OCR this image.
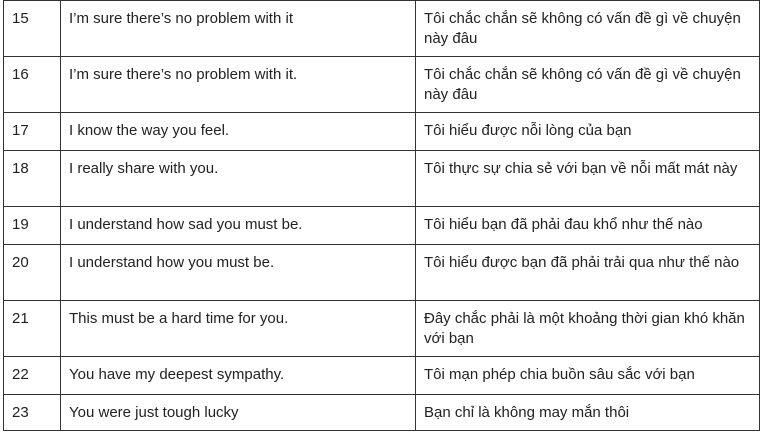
15	I’m sure there’s no problem with it	Tôi chắc chắn sẽ không có vấn đề gì về chuyện này đâu
16	I’m sure there’s no problem with it.	Tôi chắc chắn sẽ không có vấn đề gì về chuyện này đâu
17	I know the way you feel.	Tôi hiểu được nỗi lòng của bạn
18	I really share with you.	Tôi thực sự chia sẻ với bạn về nỗi mất mát này
19	I understand how sad you must be.	Tôi hiểu bạn đã phải đau khổ như thế nào
20	I understand how you must be.	Tôi hiểu được bạn đã phải trải qua như thế nào
21	This must be a hard time for you.	Đây chắc phải là một khoảng thời gian khó khăn với bạn
22	You have my deepest sympathy.	Tôi mạn phép chia buồn sâu sắc với bạn
23	You were just tough lucky	Bạn chỉ là không may mắn thôi
